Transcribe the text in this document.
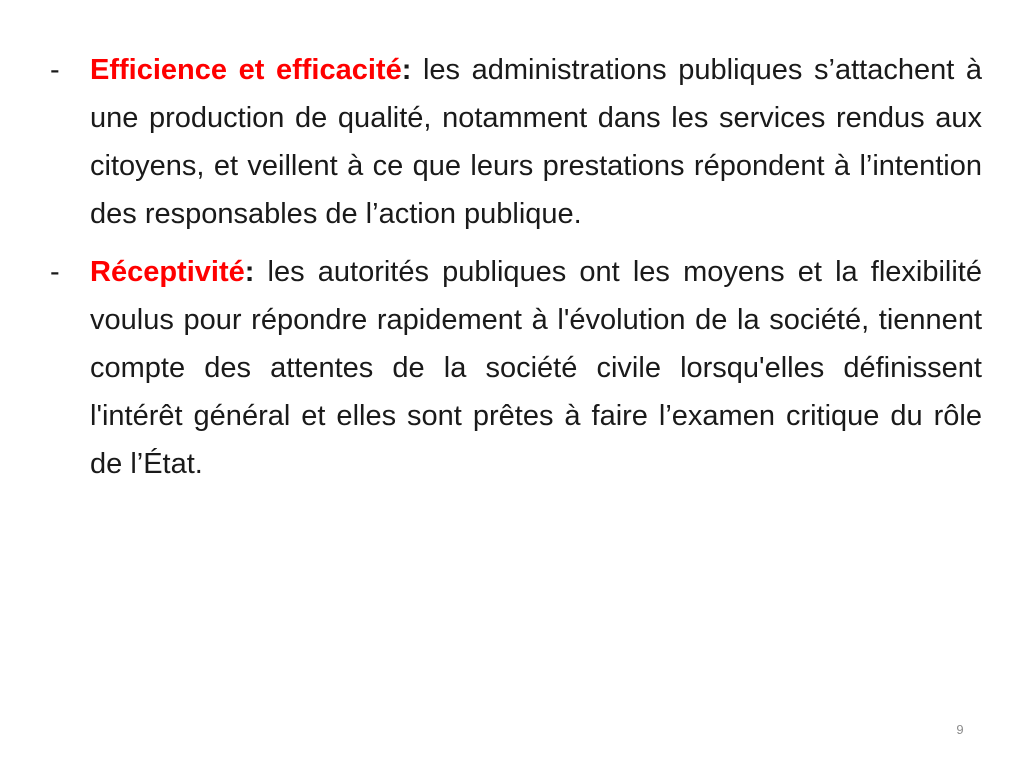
- Efficience et efficacité: les administrations publiques s’attachent à une production de qualité, notamment dans les services rendus aux citoyens, et veillent à ce que leurs prestations répondent à l’intention des responsables de l’action publique.
- Réceptivité: les autorités publiques ont les moyens et la flexibilité voulus pour répondre rapidement à l'évolution de la société, tiennent compte des attentes de la société civile lorsqu'elles définissent l'intérêt général et elles sont prêtes à faire l’examen critique du rôle de l’État.
9
